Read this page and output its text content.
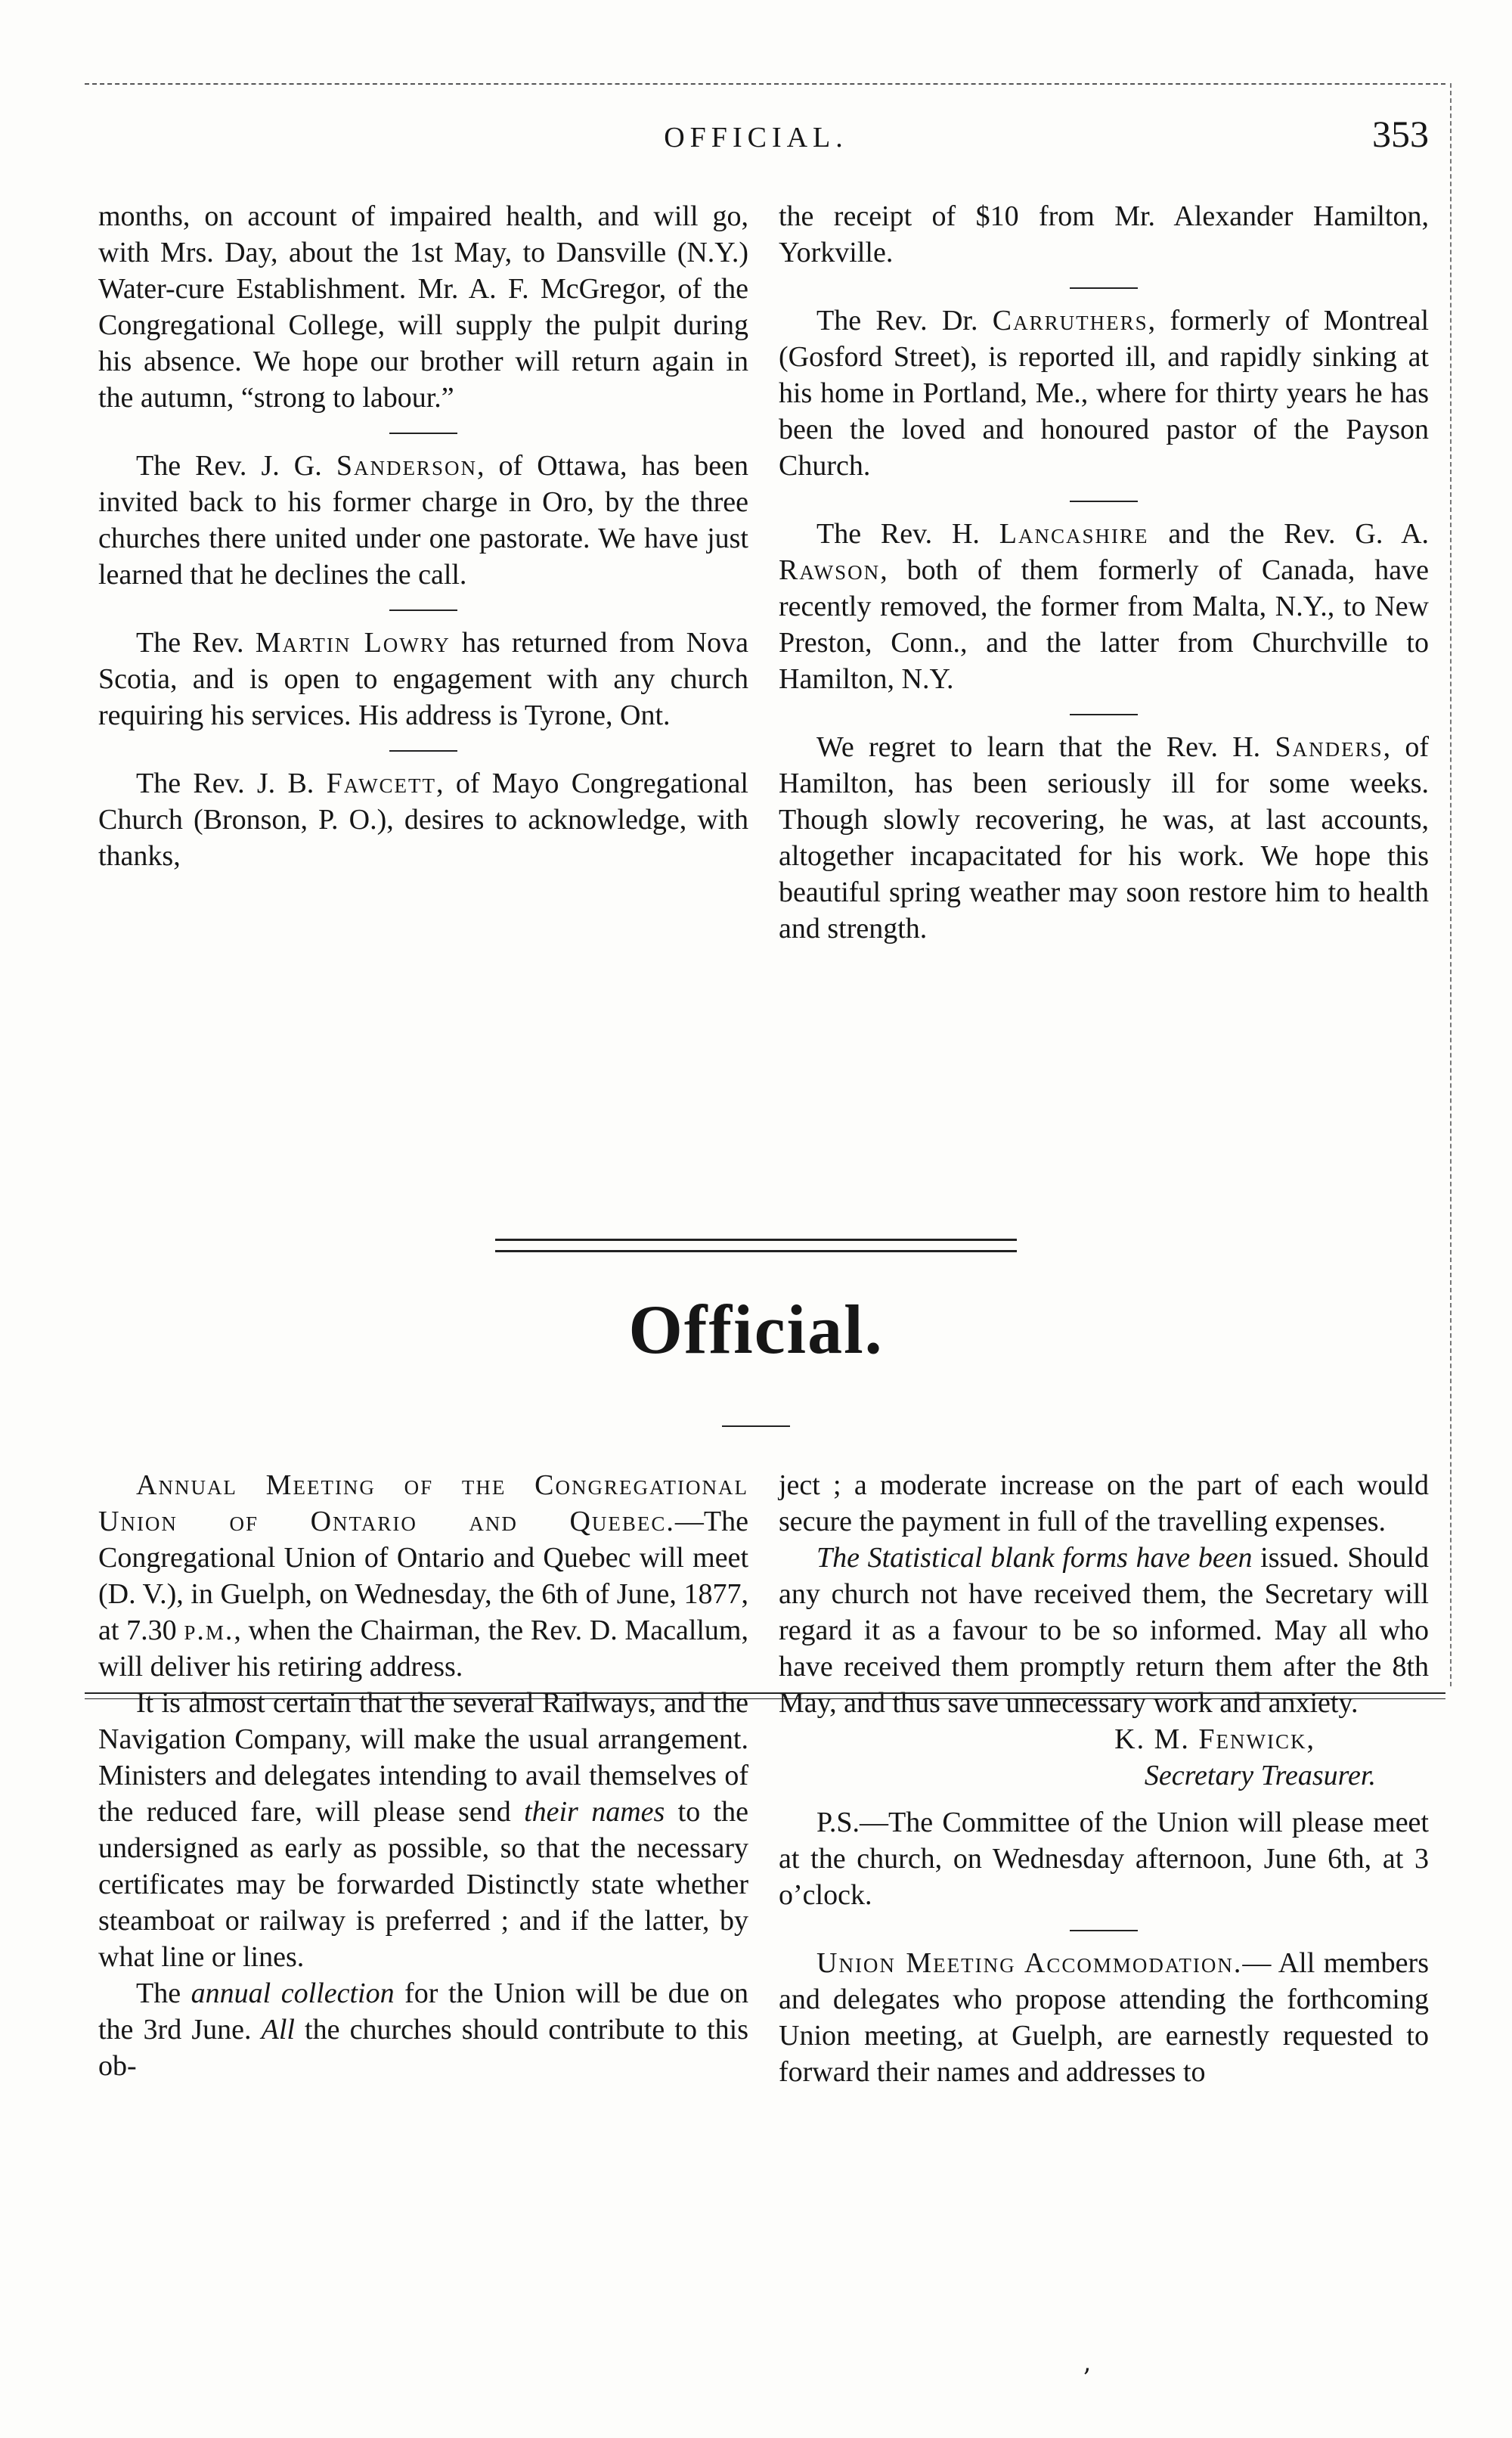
OFFICIAL.	353

months, on account of impaired health, and will go, with Mrs. Day, about the 1st May, to Dansville (N.Y.) Water-cure Establishment. Mr. A. F. McGregor, of the Congregational College, will supply the pulpit during his absence. We hope our brother will return again in the autumn, “strong to labour.”

The Rev. J. G. Sanderson, of Ottawa, has been invited back to his former charge in Oro, by the three churches there united under one pastorate. We have just learned that he declines the call.

The Rev. Martin Lowry has returned from Nova Scotia, and is open to engagement with any church requiring his services. His address is Tyrone, Ont.

The Rev. J. B. Fawcett, of Mayo Congregational Church (Bronson, P. O.), desires to acknowledge, with thanks,

the receipt of $10 from Mr. Alexander Hamilton, Yorkville.

The Rev. Dr. Carruthers, formerly of Montreal (Gosford Street), is reported ill, and rapidly sinking at his home in Portland, Me., where for thirty years he has been the loved and honoured pastor of the Payson Church.

The Rev. H. Lancashire and the Rev. G. A. Rawson, both of them formerly of Canada, have recently removed, the former from Malta, N.Y., to New Preston, Conn., and the latter from Churchville to Hamilton, N.Y.

We regret to learn that the Rev. H. Sanders, of Hamilton, has been seriously ill for some weeks. Though slowly recovering, he was, at last accounts, altogether incapacitated for his work. We hope this beautiful spring weather may soon restore him to health and strength.

Official.

Annual Meeting of the Congregational Union of Ontario and Quebec.—The Congregational Union of Ontario and Quebec will meet (D. V.), in Guelph, on Wednesday, the 6th of June, 1877, at 7.30 p.m., when the Chairman, the Rev. D. Macallum, will deliver his retiring address.

It is almost certain that the several Railways, and the Navigation Company, will make the usual arrangement. Ministers and delegates intending to avail themselves of the reduced fare, will please send their names to the undersigned as early as possible, so that the necessary certificates may be forwarded Distinctly state whether steamboat or railway is preferred ; and if the latter, by what line or lines.

The annual collection for the Union will be due on the 3rd June. All the churches should contribute to this ob-

ject ; a moderate increase on the part of each would secure the payment in full of the travelling expenses.

The Statistical blank forms have been issued. Should any church not have received them, the Secretary will regard it as a favour to be so informed. May all who have received them promptly return them after the 8th May, and thus save unnecessary work and anxiety.

K. M. Fenwick,

Secretary Treasurer.

P.S.—The Committee of the Union will please meet at the church, on Wednesday afternoon, June 6th, at 3 o’clock.

Union Meeting Accommodation.— All members and delegates who propose attending the forthcoming Union meeting, at Guelph, are earnestly requested to forward their names and addresses to

’
